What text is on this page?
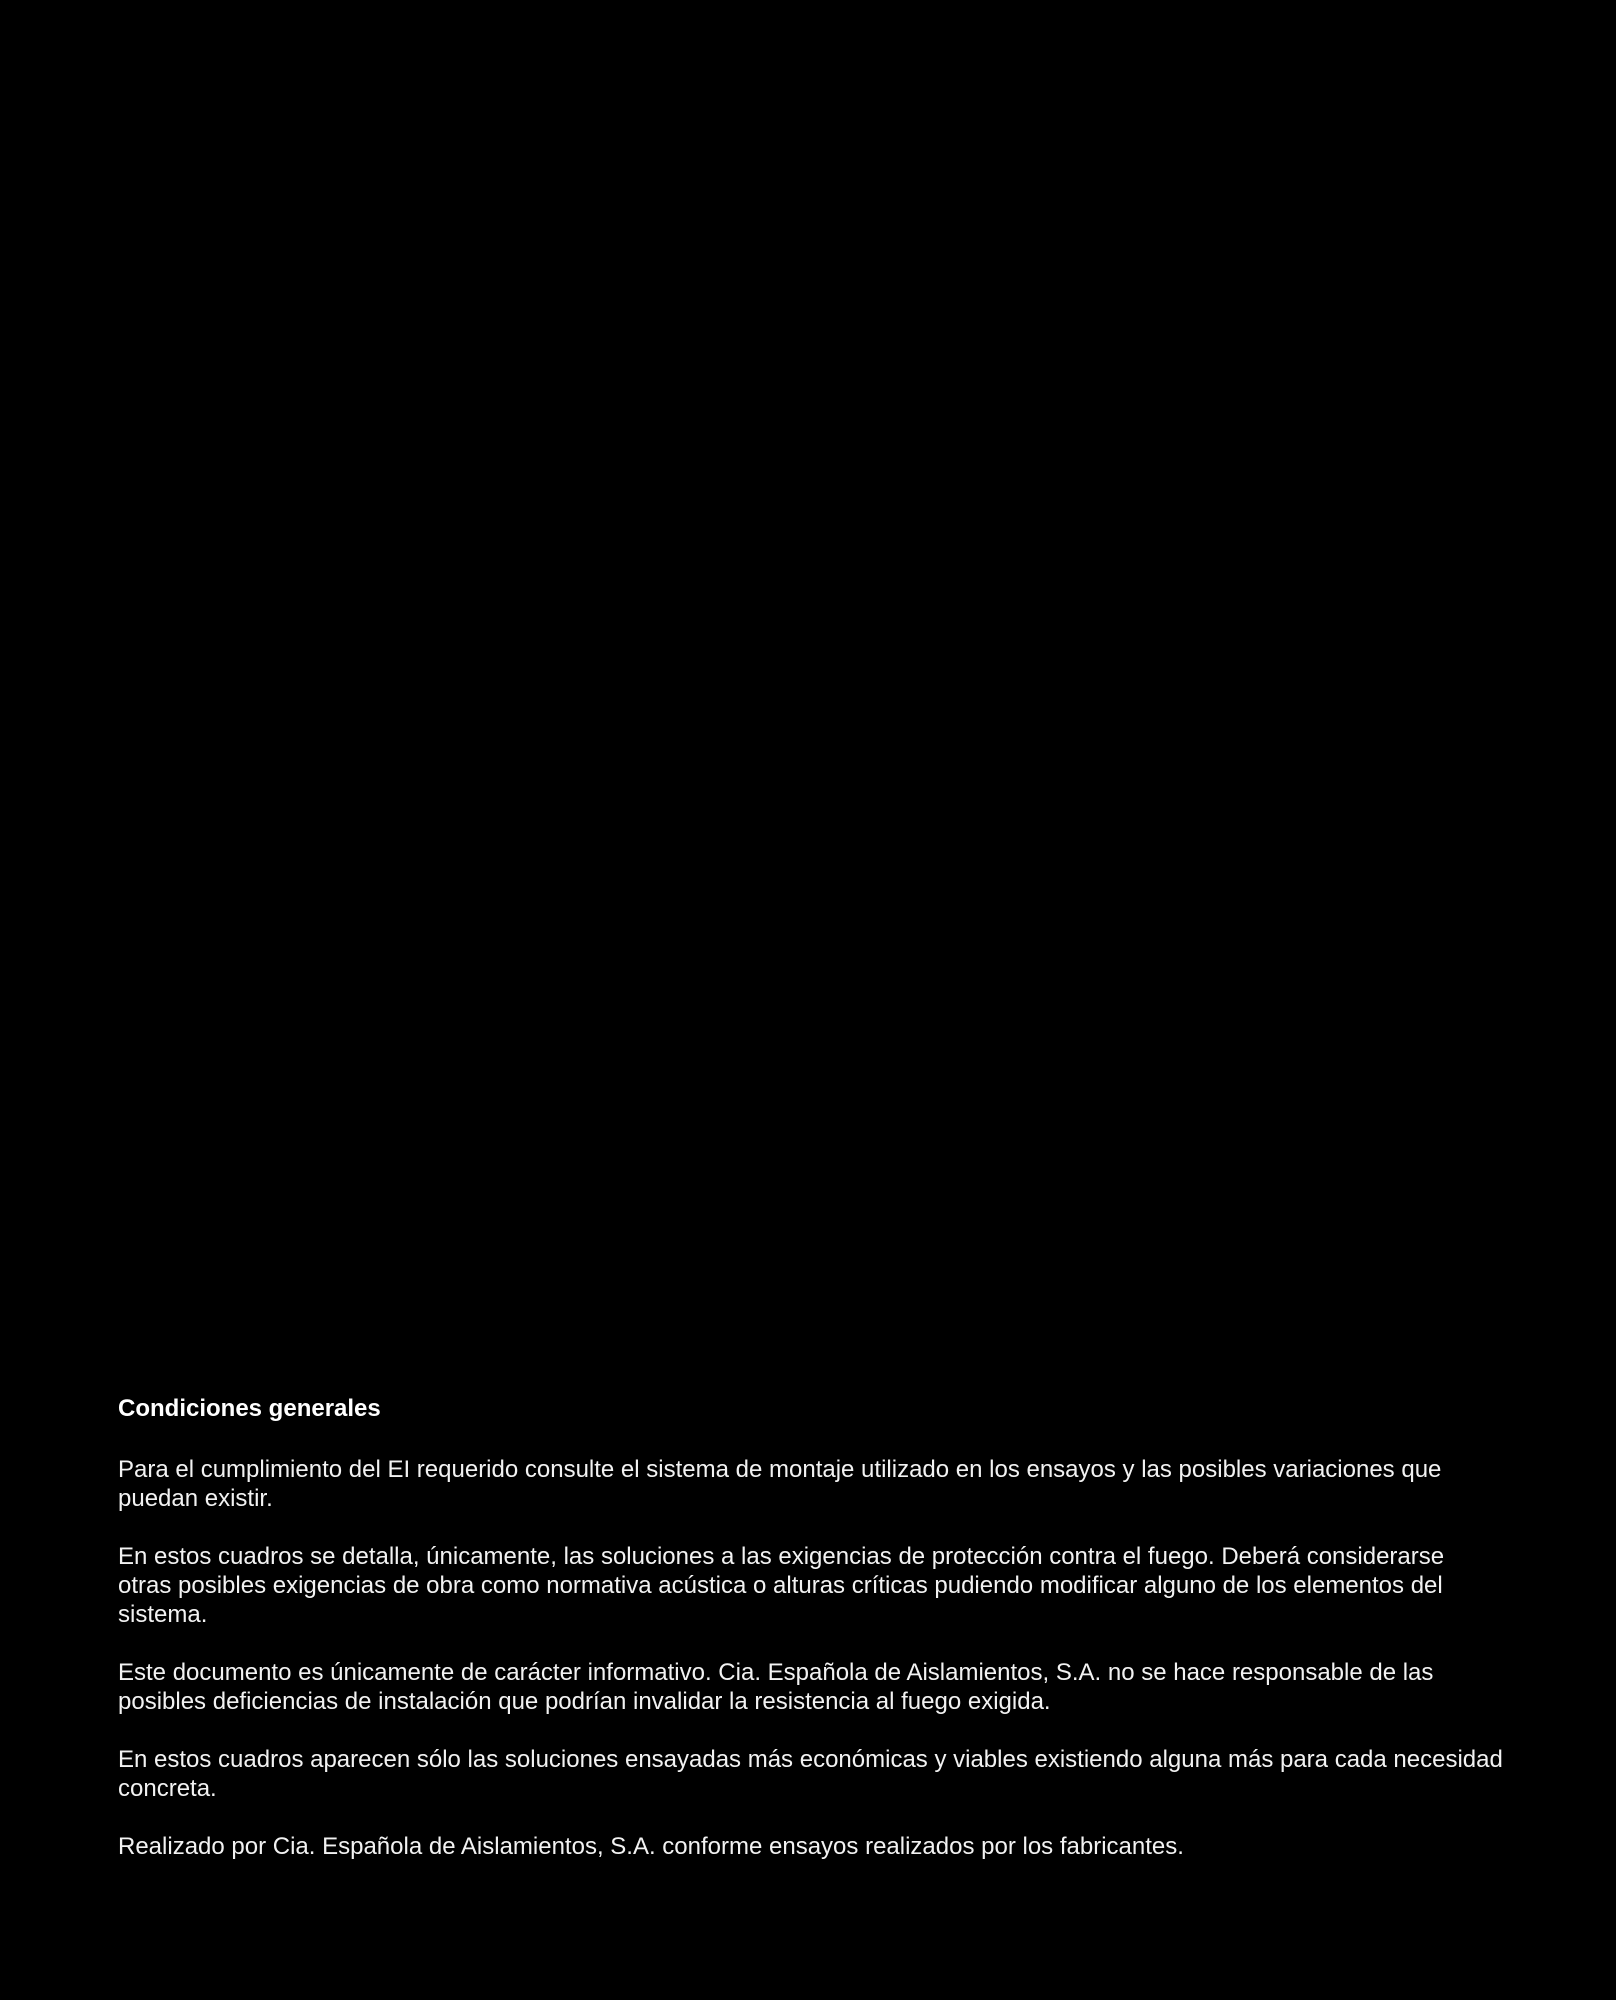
Condiciones generales

Para el cumplimiento del EI requerido consulte el sistema de montaje utilizado en los ensayos y las posibles variaciones que puedan existir.

En estos cuadros se detalla, únicamente, las soluciones a las exigencias de protección contra el fuego. Deberá considerarse otras posibles exigencias de obra como normativa acústica o alturas críticas pudiendo modificar alguno de los elementos del sistema.

Este documento es únicamente de carácter informativo. Cia. Española de Aislamientos, S.A. no se hace responsable de las posibles deficiencias de instalación que podrían invalidar la resistencia al fuego exigida.

En estos cuadros aparecen sólo las soluciones ensayadas más económicas y viables existiendo alguna más para cada necesidad concreta.

Realizado por Cia. Española de Aislamientos, S.A. conforme ensayos realizados por los fabricantes.
